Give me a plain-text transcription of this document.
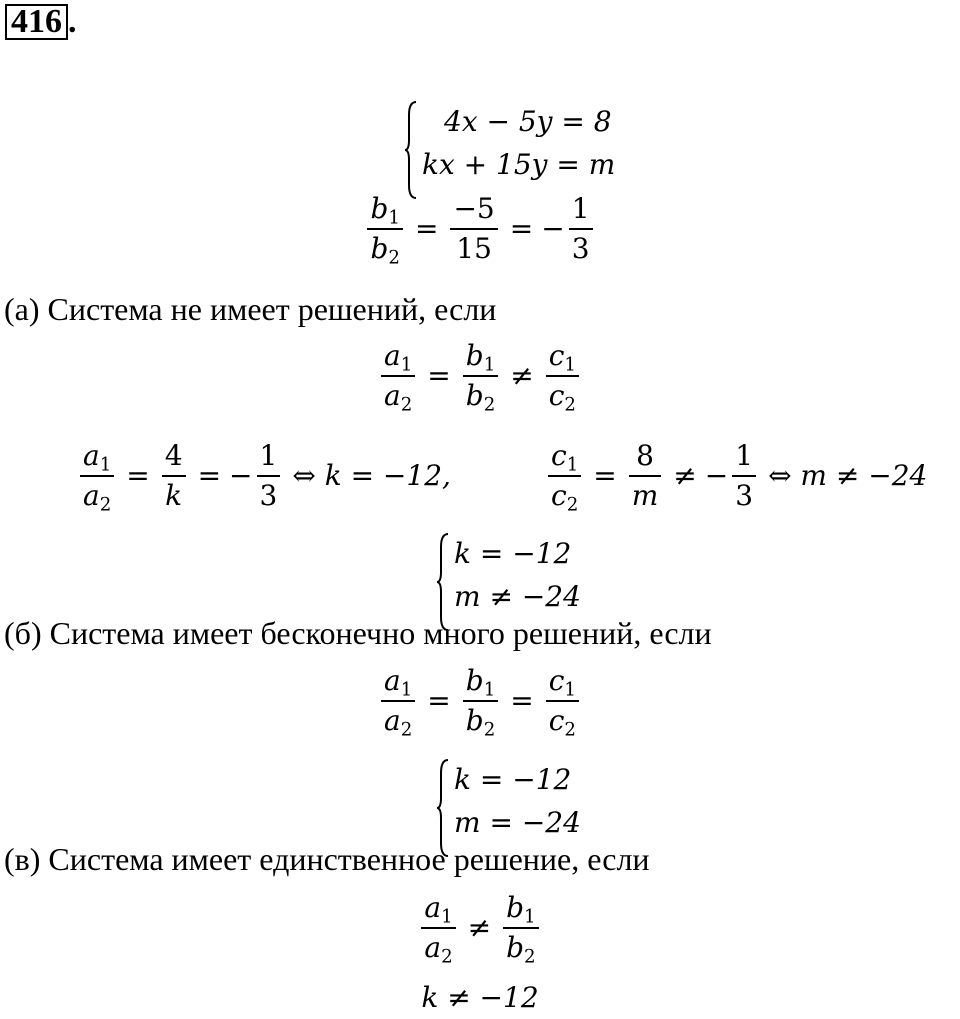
416 .
4x − 5y = 8
kx + 15y = m
$\frac{b_1}{b_2} = \frac{-5}{15}$ = − $\frac{1}{3}$

(а) Система не имеет решений, если

$\frac{a_1}{a_2} = \frac{b_1}{b_2} \ne \frac{c_1}{c_2}$
$\frac{a_1}{a_2} = \frac{4}{k}$ = − $\frac{1}{3}$ ⇔ k = −12,	$\frac{c_1}{c_2} = \frac{8}{m}$ ≠ − $\frac{1}{3}$ ⇔ m ≠ −24
k = −12
m ≠ −24

(б) Система имеет бесконечно много решений, если

$\frac{a_1}{a_2} = \frac{b_1}{b_2} = \frac{c_1}{c_2}$
k = −12
m = −24

(в) Система имеет единственное решение, если

$\frac{a_1}{a_2} \ne \frac{b_1}{b_2}$
k ≠ −12
